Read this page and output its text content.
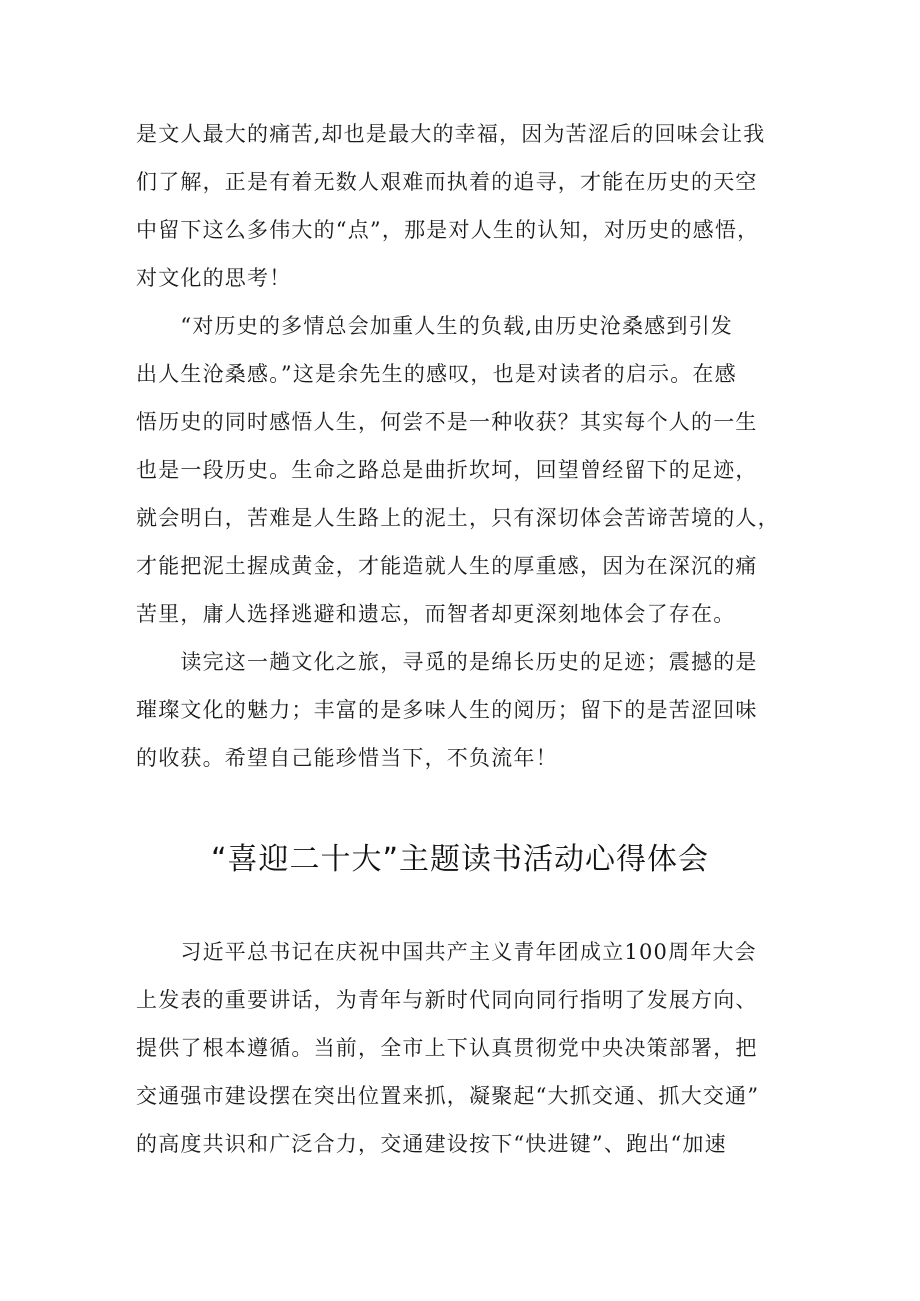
是文人最大的痛苦,却也是最大的幸福，因为苦涩后的回味会让我
们了解，正是有着无数人艰难而执着的追寻，才能在历史的天空
中留下这么多伟大的“点”，那是对人生的认知，对历史的感悟，
对文化的思考！
　　“对历史的多情总会加重人生的负载,由历史沧桑感到引发
出人生沧桑感。”这是余先生的感叹，也是对读者的启示。在感
悟历史的同时感悟人生，何尝不是一种收获？其实每个人的一生
也是一段历史。生命之路总是曲折坎坷，回望曾经留下的足迹，
就会明白，苦难是人生路上的泥土，只有深切体会苦谛苦境的人，
才能把泥土握成黄金，才能造就人生的厚重感，因为在深沉的痛
苦里，庸人选择逃避和遗忘，而智者却更深刻地体会了存在。
　　读完这一趟文化之旅，寻觅的是绵长历史的足迹；震撼的是
璀璨文化的魅力；丰富的是多味人生的阅历；留下的是苦涩回味
的收获。希望自己能珍惜当下，不负流年！
“喜迎二十大”主题读书活动心得体会
　　习近平总书记在庆祝中国共产主义青年团成立100周年大会
上发表的重要讲话，为青年与新时代同向同行指明了发展方向、
提供了根本遵循。当前，全市上下认真贯彻党中央决策部署，把
交通强市建设摆在突出位置来抓，凝聚起“大抓交通、抓大交通”
的高度共识和广泛合力，交通建设按下“快进键”、跑出“加速
